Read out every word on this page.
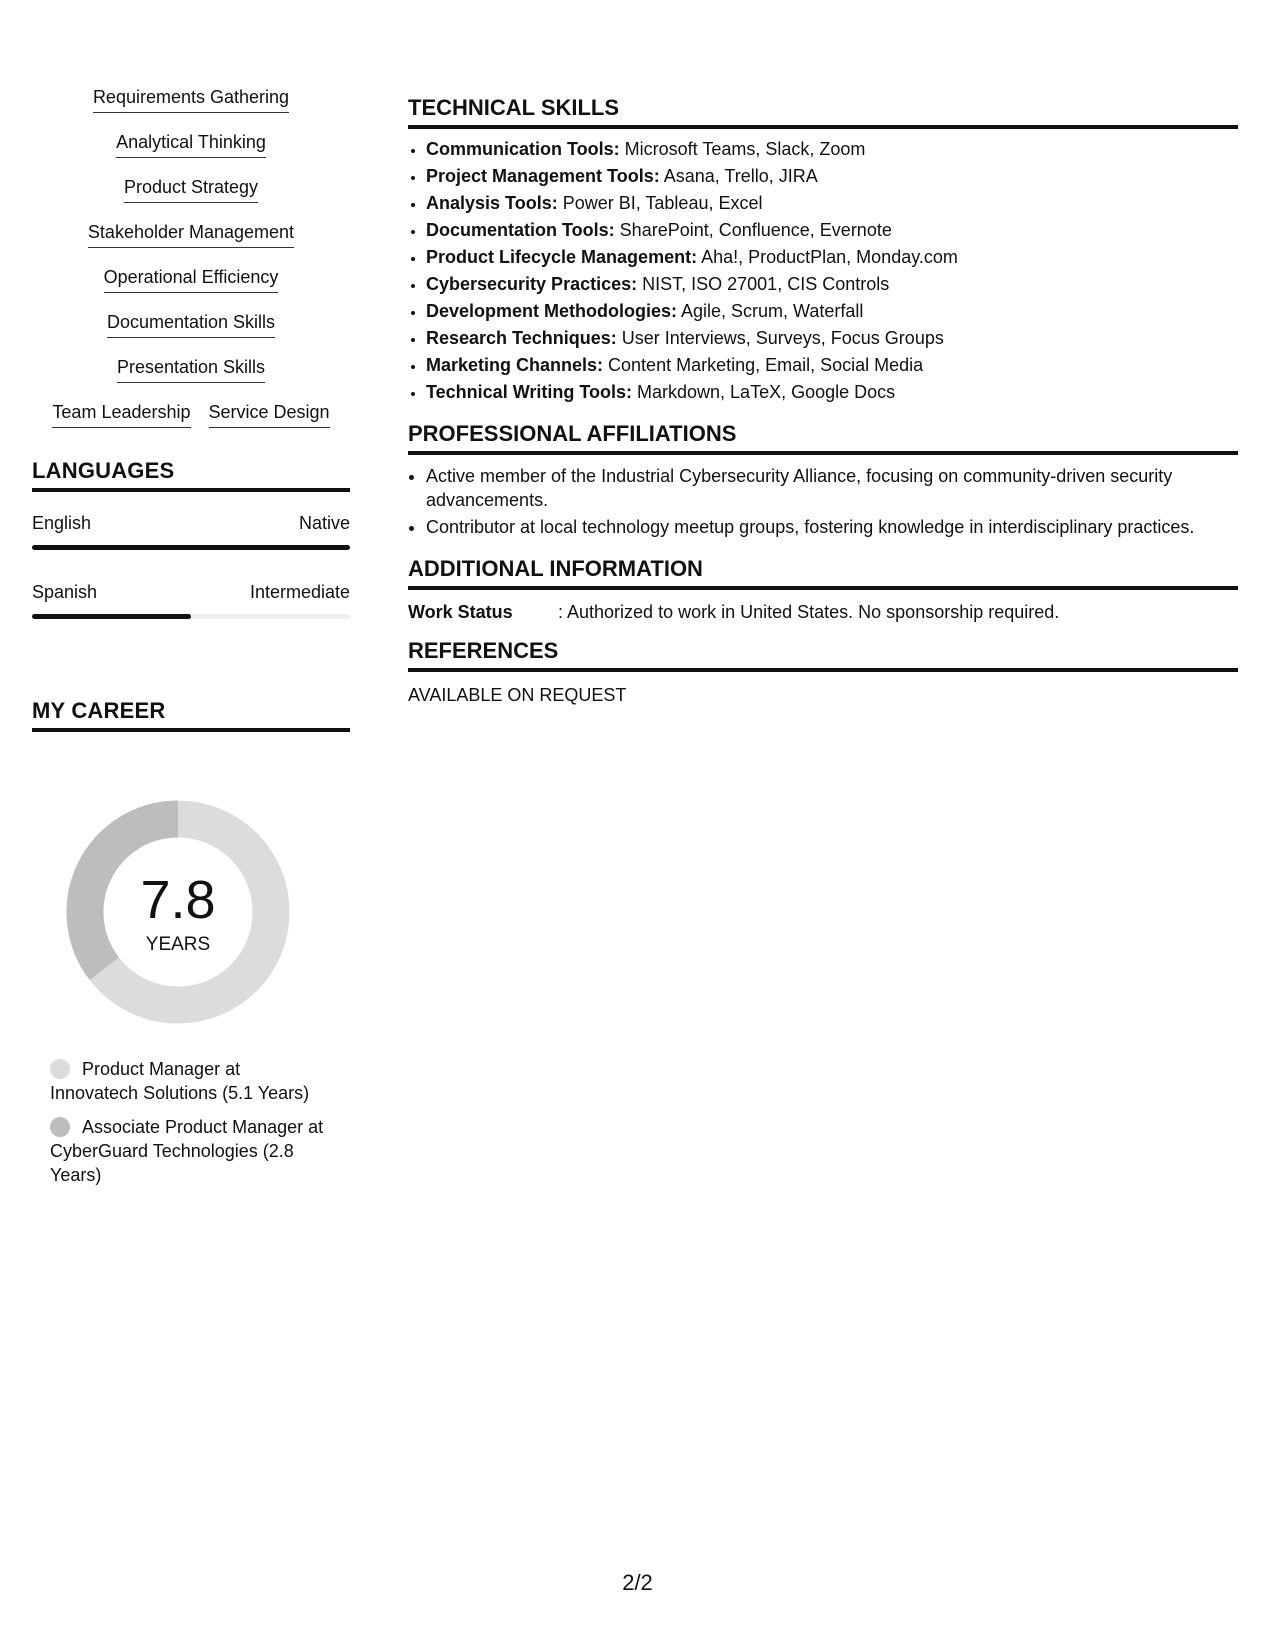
Requirements Gathering
Analytical Thinking
Product Strategy
Stakeholder Management
Operational Efficiency
Documentation Skills
Presentation Skills
Team Leadership Service Design
LANGUAGES
English	Native
Spanish	Intermediate
MY CAREER
7.8
YEARS
Product Manager at Innovatech Solutions (5.1 Years)
Associate Product Manager at CyberGuard Technologies (2.8 Years)
TECHNICAL SKILLS
• Communication Tools: Microsoft Teams, Slack, Zoom
• Project Management Tools: Asana, Trello, JIRA
• Analysis Tools: Power BI, Tableau, Excel
• Documentation Tools: SharePoint, Confluence, Evernote
• Product Lifecycle Management: Aha!, ProductPlan, Monday.com
• Cybersecurity Practices: NIST, ISO 27001, CIS Controls
• Development Methodologies: Agile, Scrum, Waterfall
• Research Techniques: User Interviews, Surveys, Focus Groups
• Marketing Channels: Content Marketing, Email, Social Media
• Technical Writing Tools: Markdown, LaTeX, Google Docs
PROFESSIONAL AFFILIATIONS
• Active member of the Industrial Cybersecurity Alliance, focusing on community-driven security advancements.
• Contributor at local technology meetup groups, fostering knowledge in interdisciplinary practices.
ADDITIONAL INFORMATION
Work Status	: Authorized to work in United States. No sponsorship required.
REFERENCES
AVAILABLE ON REQUEST
2/2
